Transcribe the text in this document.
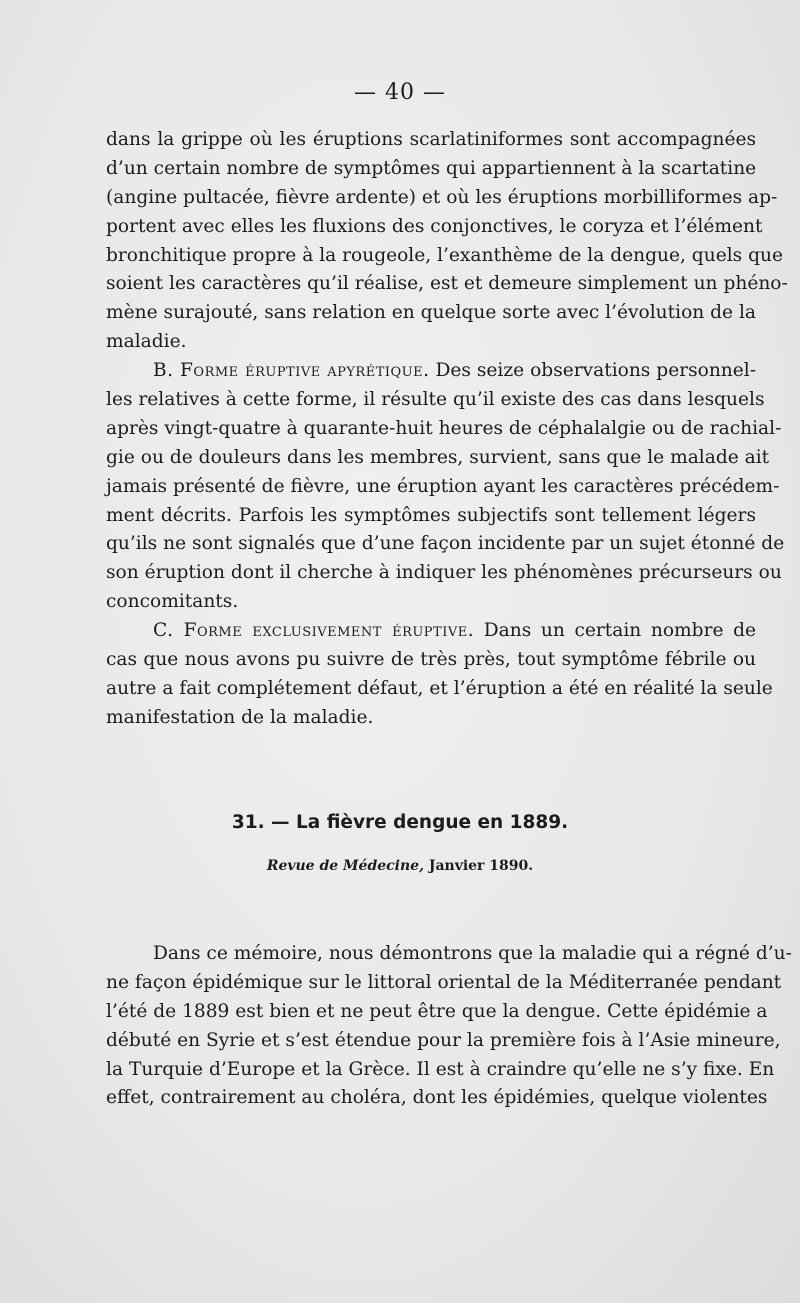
— 40 —
dans la grippe où les éruptions scarlatiniformes sont accompagnées
d’un certain nombre de symptômes qui appartiennent à la scartatine
(angine pultacée, fièvre ardente) et où les éruptions morbilliformes ap-
portent avec elles les fluxions des conjonctives, le coryza et l’élément
bronchitique propre à la rougeole, l’exanthème de la dengue, quels que
soient les caractères qu’il réalise, est et demeure simplement un phéno-
mène surajouté, sans relation en quelque sorte avec l’évolution de la
maladie.
B. Forme éruptive apyrétique. Des seize observations personnel-
les relatives à cette forme, il résulte qu’il existe des cas dans lesquels
après vingt-quatre à quarante-huit heures de céphalalgie ou de rachial-
gie ou de douleurs dans les membres, survient, sans que le malade ait
jamais présenté de fièvre, une éruption ayant les caractères précédem-
ment décrits. Parfois les symptômes subjectifs sont tellement légers
qu’ils ne sont signalés que d’une façon incidente par un sujet étonné de
son éruption dont il cherche à indiquer les phénomènes précurseurs ou
concomitants.
C. Forme exclusivement éruptive. Dans un certain nombre de
cas que nous avons pu suivre de très près, tout symptôme fébrile ou
autre a fait complétement défaut, et l’éruption a été en réalité la seule
manifestation de la maladie.
31. — La fièvre dengue en 1889.
Revue de Médecine, Janvier 1890.
Dans ce mémoire, nous démontrons que la maladie qui a régné d’u-
ne façon épidémique sur le littoral oriental de la Méditerranée pendant
l’été de 1889 est bien et ne peut être que la dengue. Cette épidémie a
débuté en Syrie et s’est étendue pour la première fois à l’Asie mineure,
la Turquie d’Europe et la Grèce. Il est à craindre qu’elle ne s’y fixe. En
effet, contrairement au choléra, dont les épidémies, quelque violentes
